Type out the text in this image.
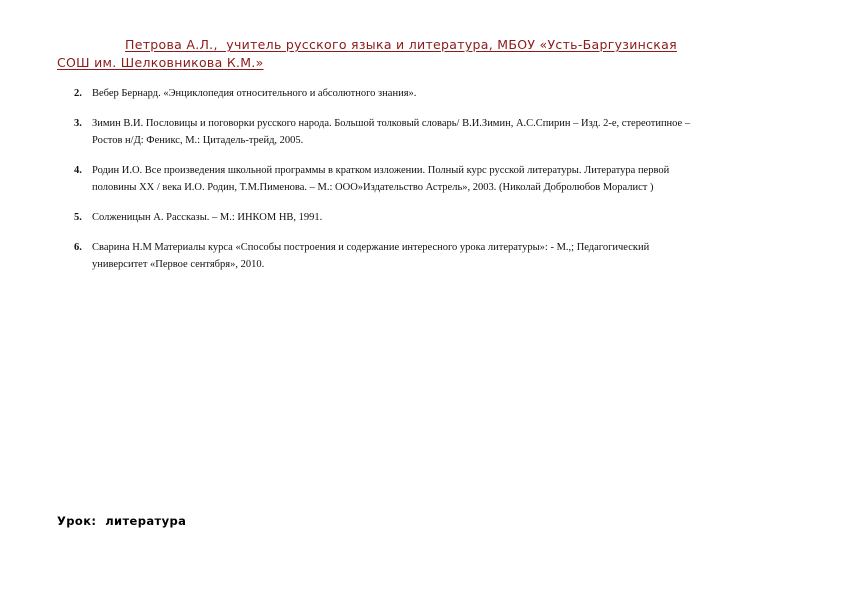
Петрова А.Л.,  учитель русского языка и литература, МБОУ «Усть-Баргузинская
СОШ им. Шелковникова К.М.»
2. Вебер Бернард. «Энциклопедия относительного и абсолютного знания».
3. Зимин В.И. Пословицы и поговорки русского народа. Большой толковый словарь/ В.И.Зимин, А.С.Спирин – Изд. 2-е, стереотипное –
Ростов н/Д: Феникс, М.: Цитадель-трейд, 2005.
4. Родин И.О. Все произведения школьной программы в кратком изложении. Полный курс русской литературы. Литература первой
половины XX / века И.О. Родин, Т.М.Пименова. – М.: ООО»Издательство Астрель», 2003. (Николай Добролюбов Моралист )
5. Солженицын А. Рассказы. – М.: ИНКОМ НВ, 1991.
6. Сварина Н.М Материалы курса «Способы построения и содержание интересного урока литературы»: - М.,; Педагогический
университет «Первое сентября», 2010.
Урок:  литература
